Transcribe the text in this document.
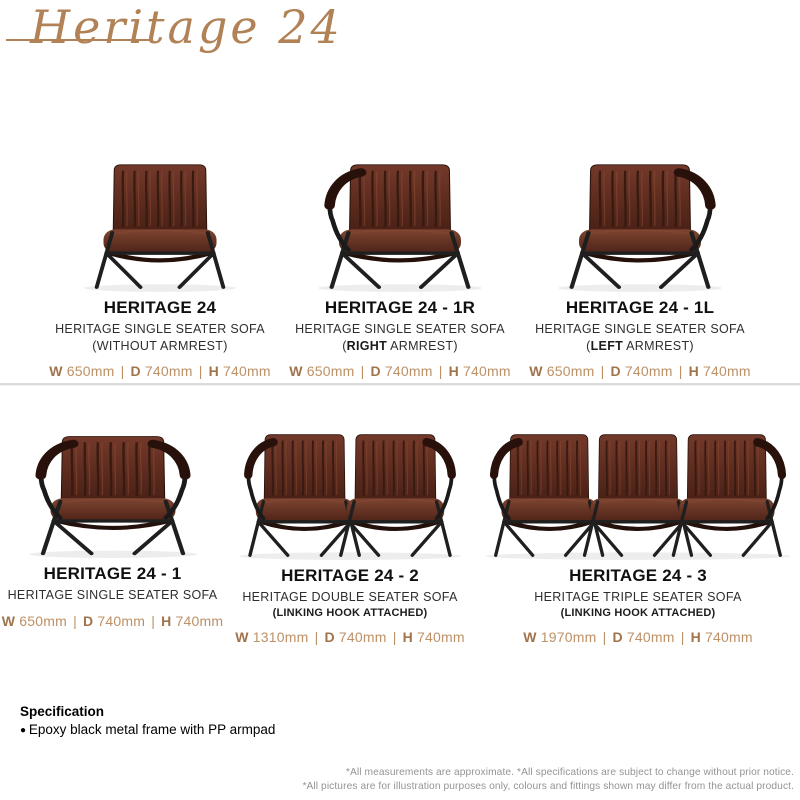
Heritage 24
HERITAGE 24
HERITAGE SINGLE SEATER SOFA
(WITHOUT ARMREST)
W 650mm | D 740mm | H 740mm
HERITAGE 24 - 1R
HERITAGE SINGLE SEATER SOFA
(RIGHT ARMREST)
W 650mm | D 740mm | H 740mm
HERITAGE 24 - 1L
HERITAGE SINGLE SEATER SOFA
(LEFT ARMREST)
W 650mm | D 740mm | H 740mm
HERITAGE 24 - 1
HERITAGE SINGLE SEATER SOFA
W 650mm | D 740mm | H 740mm
HERITAGE 24 - 2
HERITAGE DOUBLE SEATER SOFA
(LINKING HOOK ATTACHED)
W 1310mm | D 740mm | H 740mm
HERITAGE 24 - 3
HERITAGE TRIPLE SEATER SOFA
(LINKING HOOK ATTACHED)
W 1970mm | D 740mm | H 740mm
Specification
● Epoxy black metal frame with PP armpad
*All measurements are approximate. *All specifications are subject to change without prior notice.
*All pictures are for illustration purposes only, colours and fittings shown may differ from the actual product.
